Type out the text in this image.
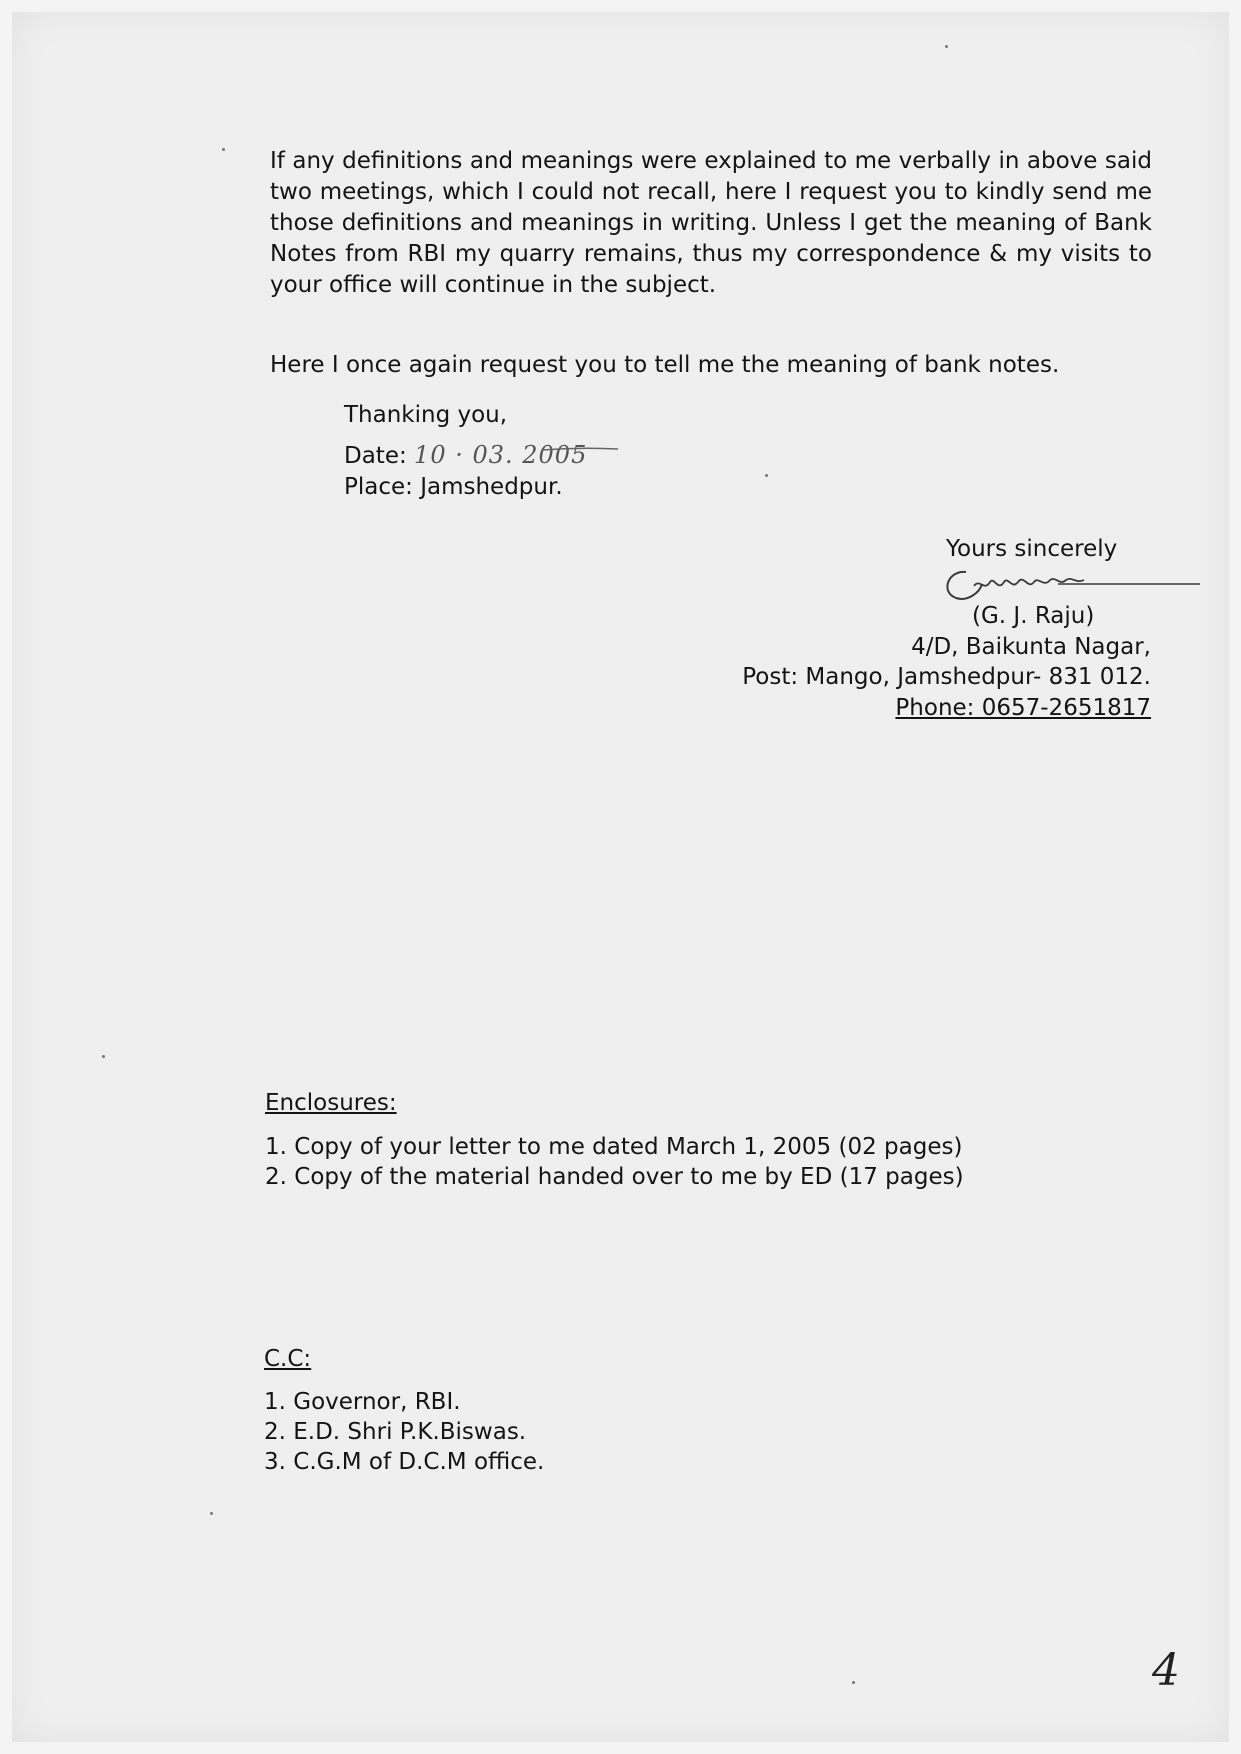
If any definitions and meanings were explained to me verbally in above said two meetings, which I could not recall, here I request you to kindly send me those definitions and meanings in writing. Unless I get the meaning of Bank Notes from RBI my quarry remains, thus my correspondence & my visits to your office will continue in the subject.

Here I once again request you to tell me the meaning of bank notes.
Thanking you,
Date: 10 · 03. 2005
Place: Jamshedpur.
Yours sincerely
(G. J. Raju)
4/D, Baikunta Nagar,
Post: Mango, Jamshedpur- 831 012.
Phone: 0657-2651817
Enclosures:
1. Copy of your letter to me dated March 1, 2005 (02 pages)
2. Copy of the material handed over to me by ED (17 pages)
C.C:
1. Governor, RBI.
2. E.D. Shri P.K.Biswas.
3. C.G.M of D.C.M office.
4
